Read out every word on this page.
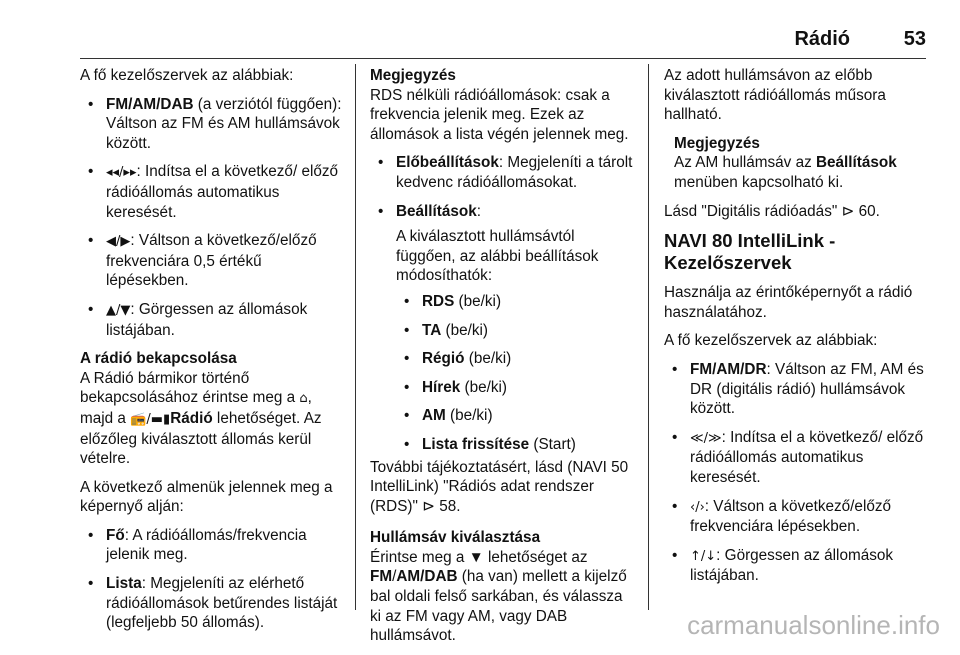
Rádió	53

A fő kezelőszervek az alábbiak:

• FM/AM/DAB (a verziótól függően): Váltson az FM és AM hullámsávok között.
• ◂◂/▸▸: Indítsa el a következő/ előző rádióállomás automatikus keresését.
• ◀/▶: Váltson a következő/előző frekvenciára 0,5 értékű lépésekben.
• ▲/▼: Görgessen az állomások listájában.

A rádió bekapcsolása

A Rádió bármikor történő bekapcsolásához érintse meg a ⌂, majd a 📻/▬▮Rádió lehetőséget. Az előzőleg kiválasztott állomás kerül vételre.

A következő almenük jelennek meg a képernyő alján:

• Fő: A rádióállomás/frekvencia jelenik meg.
• Lista: Megjeleníti az elérhető rádióállomások betűrendes listáját (legfeljebb 50 állomás).

Megjegyzés

RDS nélküli rádióállomások: csak a frekvencia jelenik meg. Ezek az állomások a lista végén jelennek meg.

• Előbeállítások: Megjeleníti a tárolt kedvenc rádióállomásokat.
• Beállítások:
A kiválasztott hullámsávtól függően, az alábbi beállítások módosíthatók:
• RDS (be/ki)
• TA (be/ki)
• Régió (be/ki)
• Hírek (be/ki)
• AM (be/ki)
• Lista frissítése (Start)

További tájékoztatásért, lásd (NAVI 50 IntelliLink) "Rádiós adat rendszer (RDS)" ⊳ 58.

Hullámsáv kiválasztása

Érintse meg a ▼ lehetőséget az FM/AM/DAB (ha van) mellett a kijelző bal oldali felső sarkában, és válassza ki az FM vagy AM, vagy DAB hullámsávot.

Az adott hullámsávon az előbb kiválasztott rádióállomás műsora hallható.

Megjegyzés

Az AM hullámsáv az Beállítások menüben kapcsolható ki.

Lásd "Digitális rádióadás" ⊳ 60.

NAVI 80 IntelliLink - Kezelőszervek

Használja az érintőképernyőt a rádió használatához.

A fő kezelőszervek az alábbiak:

• FM/AM/DR: Váltson az FM, AM és DR (digitális rádió) hullámsávok között.
• ≪/≫: Indítsa el a következő/ előző rádióállomás automatikus keresését.
• ‹/›: Váltson a következő/előző frekvenciára lépésekben.
• ↑/↓: Görgessen az állomások listájában.
carmanualsonline.info
